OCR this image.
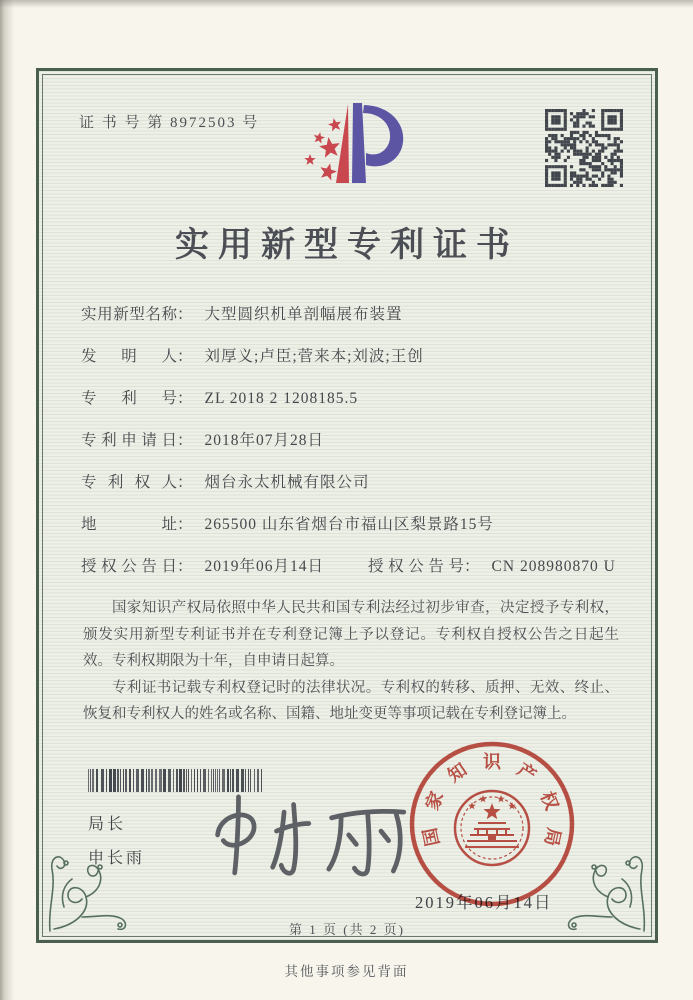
证 书 号 第 8972503 号
实用新型专利证书
实用新型名称： 大型圆织机单剖幅展布装置
发明人： 刘厚义;卢臣;菅来本;刘波;王创
专利号： ZL 2018 2 1208185.5
专利申请日： 2018年07月28日
专利权人： 烟台永太机械有限公司
地址： 265500 山东省烟台市福山区梨景路15号
授权公告日： 2019年06月14日	授权公告号： CN 208980870 U

国家知识产权局依照中华人民共和国专利法经过初步审查，决定授予专利权，颁发实用新型专利证书并在专利登记簿上予以登记。专利权自授权公告之日起生效。专利权期限为十年，自申请日起算。

专利证书记载专利权登记时的法律状况。专利权的转移、质押、无效、终止、恢复和专利权人的姓名或名称、国籍、地址变更等事项记载在专利登记簿上。

局长
申长雨
2019年06月14日
国
家
知 识 产
权
局
第 1 页 (共 2 页)
其他事项参见背面
